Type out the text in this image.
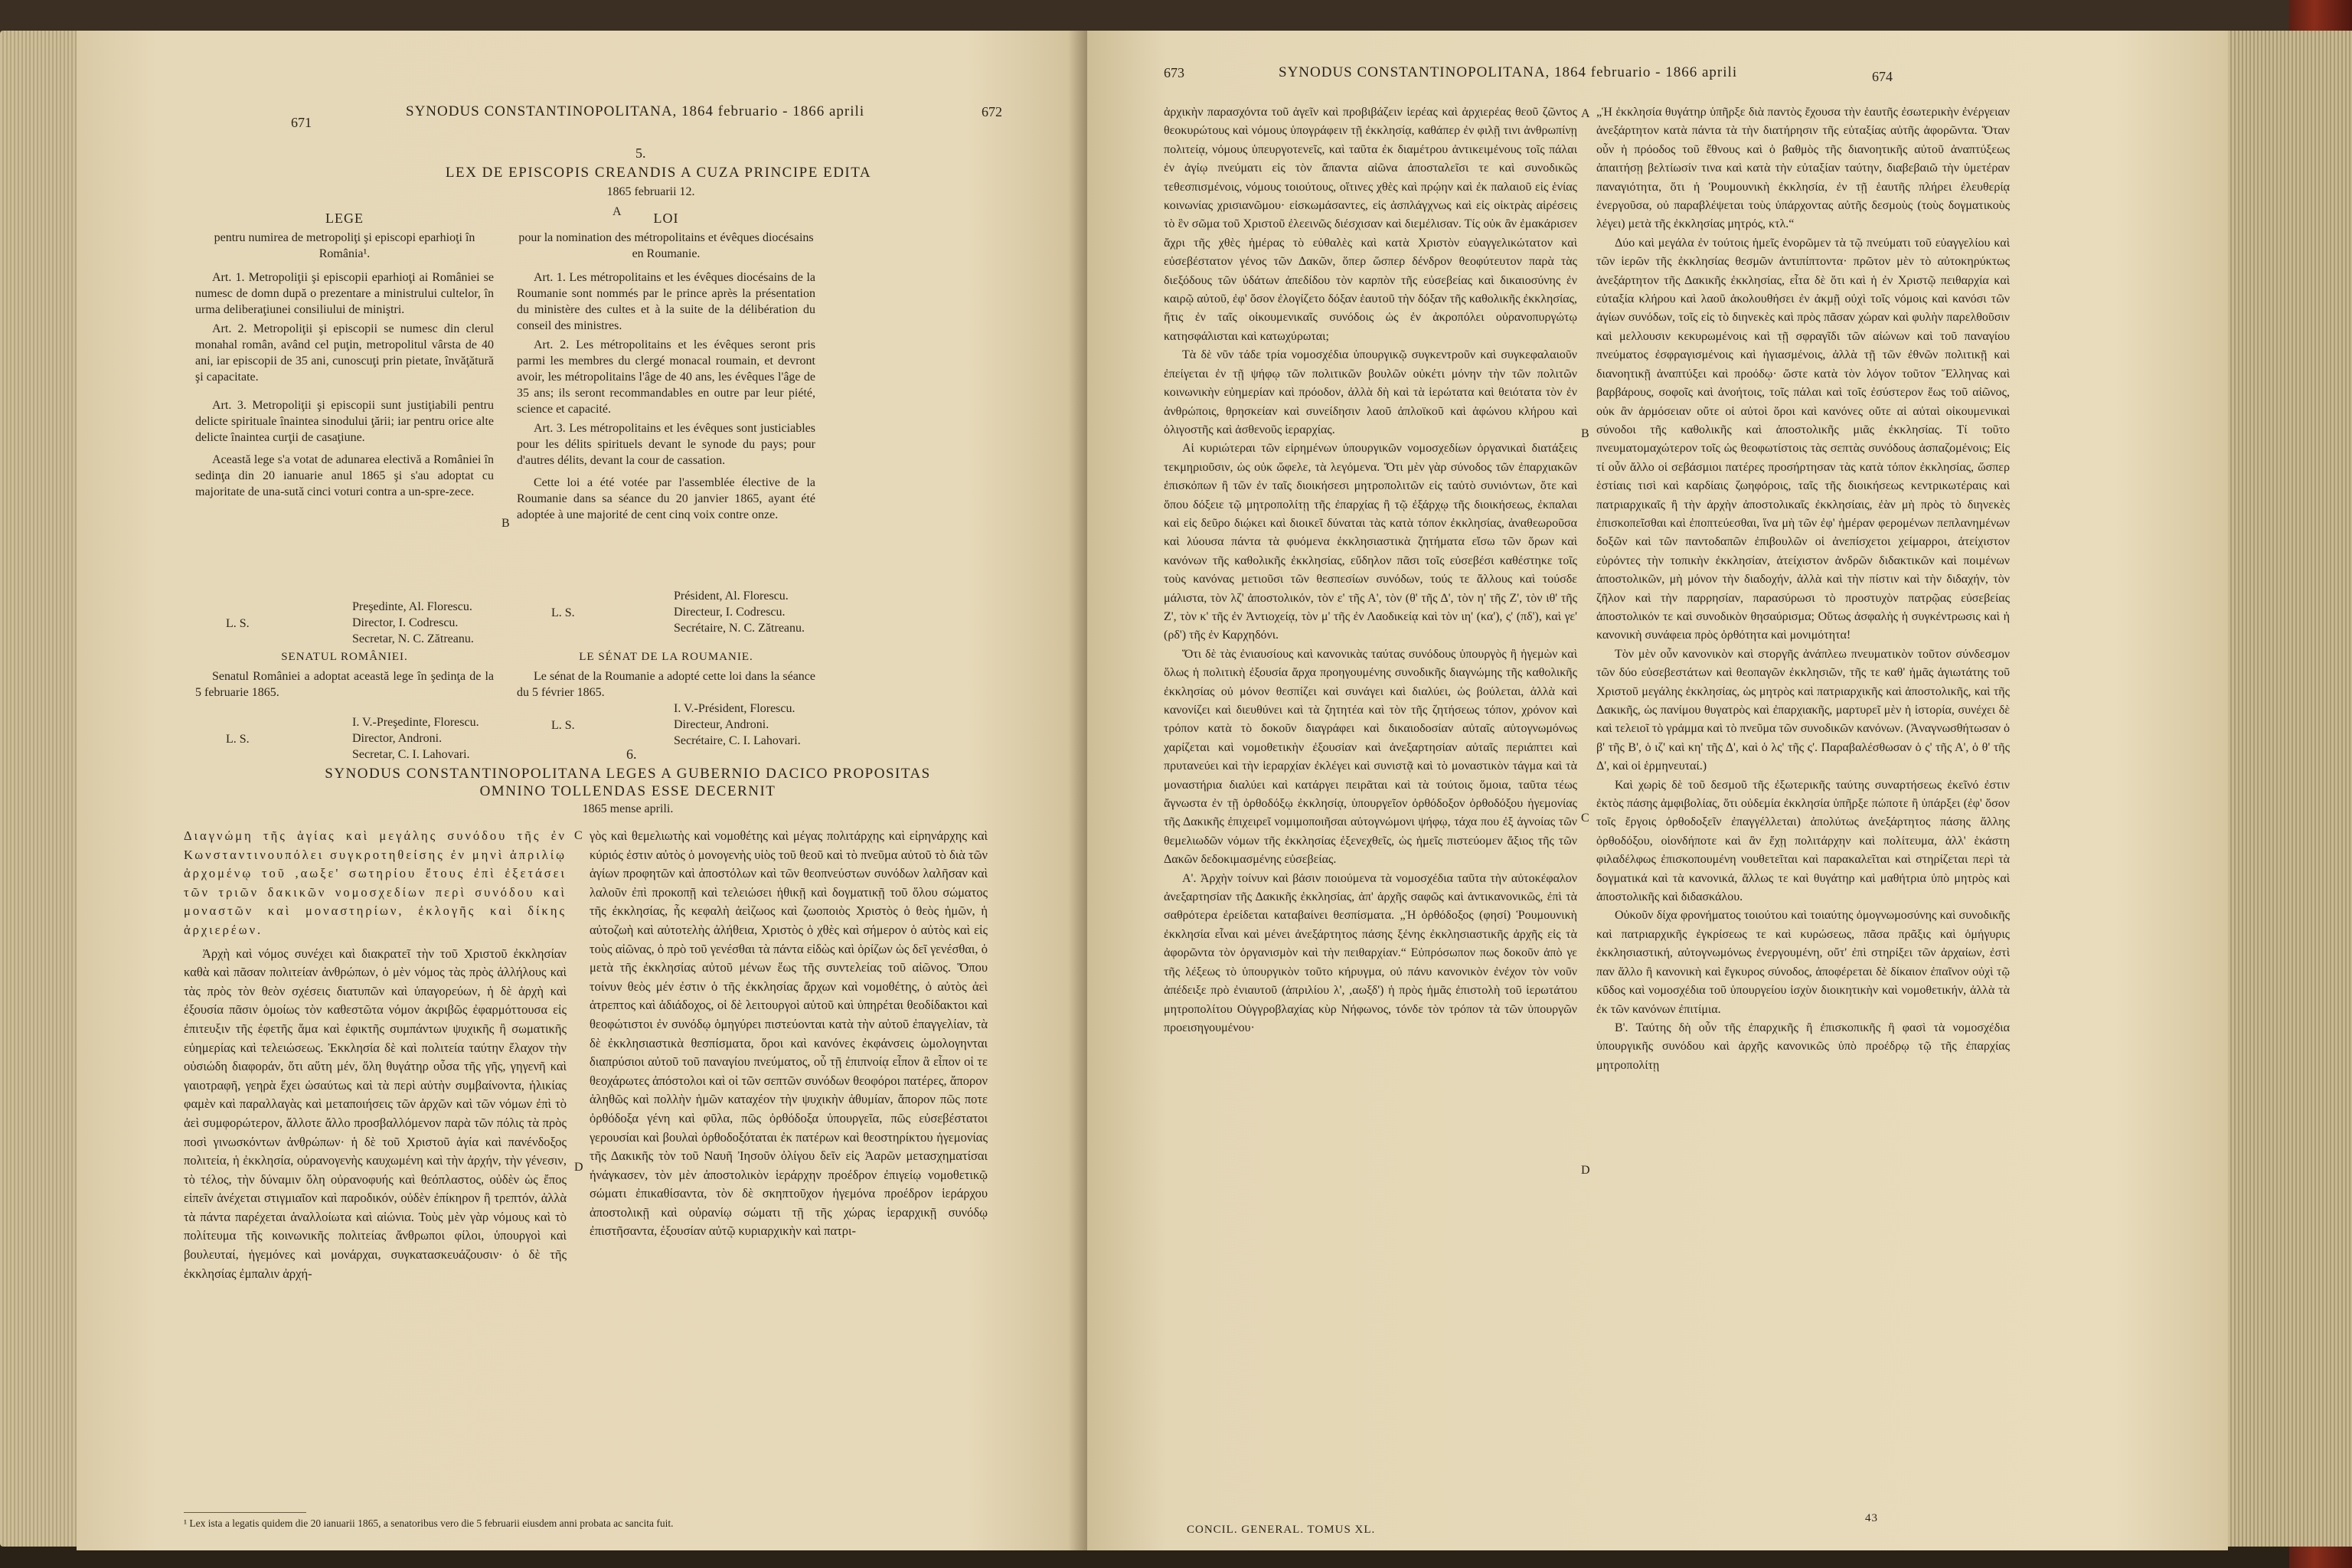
671
SYNODUS CONSTANTINOPOLITANA, 1864 februario - 1866 aprili	672
5.
LEX DE EPISCOPIS CREANDIS A CUZA PRINCIPE EDITA
1865 februarii 12.
A

LEGE

pentru numirea de metropoliţi şi episcopi eparhioţi în România¹.

Art. 1. Metropoliţii şi episcopii eparhioţi ai României se numesc de domn după o prezentare a ministrului cultelor, în urma deliberaţiunei consiliului de miniştri.

Art. 2. Metropoliţii şi episcopii se numesc din clerul monahal român, având cel puţin, metropolitul vârsta de 40 ani, iar episcopii de 35 ani, cunoscuţi prin pietate, învăţătură şi capacitate.

Art. 3. Metropoliţii şi episcopii sunt justiţiabili pentru delicte spirituale înaintea sinodului ţării; iar pentru orice alte delicte înaintea curţii de casaţiune.

Această lege s'a votat de adunarea electivă a României în sedinţa din 20 ianuarie anul 1865 şi s'au adoptat cu majoritate de una-sută cinci voturi contra a un-spre-zece.

Preşedinte, Al. Florescu.
Director, I. Codrescu.
Secretar, N. C. Zătreanu.
L. S.

SENATUL ROMÂNIEI.

Senatul României a adoptat această lege în şedinţa de la 5 februarie 1865.

I. V.-Preşedinte, Florescu.
Director, Androni.
Secretar, C. I. Lahovari.
L. S.

LOI

pour la nomination des métropolitains et évêques diocésains en Roumanie.

Art. 1. Les métropolitains et les évêques diocésains de la Roumanie sont nommés par le prince après la présentation du ministère des cultes et à la suite de la délibération du conseil des ministres.

Art. 2. Les métropolitains et les évêques seront pris parmi les membres du clergé monacal roumain, et devront avoir, les métropolitains l'âge de 40 ans, les évêques l'âge de 35 ans; ils seront recommandables en outre par leur piété, science et capacité.

Art. 3. Les métropolitains et les évêques sont justiciables pour les délits spirituels devant le synode du pays; pour d'autres délits, devant la cour de cassation.

Cette loi a été votée par l'assemblée élective de la Roumanie dans sa séance du 20 janvier 1865, ayant été adoptée à une majorité de cent cinq voix contre onze.

B
Président, Al. Florescu.
Directeur, I. Codrescu.
Secrétaire, N. C. Zătreanu.
L. S.

LE SÉNAT DE LA ROUMANIE.

Le sénat de la Roumanie a adopté cette loi dans la séance du 5 février 1865.

I. V.-Président, Florescu.
Directeur, Androni.
Secrétaire, C. I. Lahovari.
L. S.
6.
SYNODUS CONSTANTINOPOLITANA LEGES A GUBERNIO DACICO PROPOSITAS
OMNINO TOLLENDAS ESSE DECERNIT
1865 mense aprili.

Διαγνώμη τῆς ἁγίας καὶ μεγάλης συνόδου τῆς ἐν Κωνσταντινουπόλει συγκροτηθείσης ἐν μηνὶ ἀπριλίῳ ἀρχομένῳ τοῦ ,αωξε' σωτηρίου ἔτους ἐπὶ ἐξετάσει τῶν τριῶν δακικῶν νομοσχεδίων περὶ συνόδου καὶ μοναστῶν καὶ μοναστηρίων, ἐκλογῆς καὶ δίκης ἀρχιερέων.

Ἀρχὴ καὶ νόμος συνέχει καὶ διακρατεῖ τὴν τοῦ Χριστοῦ ἐκκλησίαν καθὰ καὶ πᾶσαν πολιτείαν ἀνθρώπων, ὁ μὲν νόμος τὰς πρὸς ἀλλήλους καὶ τὰς πρὸς τὸν θεὸν σχέσεις διατυπῶν καὶ ὑπαγορεύων, ἡ δὲ ἀρχὴ καὶ ἐξουσία πᾶσιν ὁμοίως τὸν καθεστῶτα νόμον ἀκριβῶς ἐφαρμόττουσα εἰς ἐπιτευξιν τῆς ἐφετῆς ἅμα καὶ ἐφικτῆς συμπάντων ψυχικῆς ἢ σωματικῆς εὐημερίας καὶ τελειώσεως. Ἐκκλησία δὲ καὶ πολιτεία ταύτην ἔλαχον τὴν οὐσιώδη διαφοράν, ὅτι αὕτη μέν, ὅλη θυγάτηρ οὖσα τῆς γῆς, γηγενῆ καὶ γαιοτραφῆ, γεηρὰ ἔχει ὡσαύτως καὶ τὰ περὶ αὐτὴν συμβαίνοντα, ἡλικίας φαμὲν καὶ παραλλαγὰς καὶ μεταποιήσεις τῶν ἀρχῶν καὶ τῶν νόμων ἐπὶ τὸ ἀεὶ συμφορώτερον, ἄλλοτε ἄλλο προσβαλλόμενον παρὰ τῶν πόλις τὰ πρὸς ποσὶ γινωσκόντων ἀνθρώπων· ἡ δὲ τοῦ Χριστοῦ ἁγία καὶ πανένδοξος πολιτεία, ἡ ἐκκλησία, οὐρανογενὴς καυχωμένη καὶ τὴν ἀρχήν, τὴν γένεσιν, τὸ τέλος, τὴν δύναμιν ὅλη οὐρανοφυής καὶ θεόπλαστος, οὐδὲν ὡς ἔπος εἰπεῖν ἀνέχεται στιγμιαῖον καὶ παροδικόν, οὐδὲν ἐπίκηρον ἢ τρεπτόν, ἀλλὰ τὰ πάντα παρέχεται ἀναλλοίωτα καὶ αἰώνια. Τοὺς μὲν γὰρ νόμους καὶ τὸ πολίτευμα τῆς κοινωνικῆς πολιτείας ἄνθρωποι φίλοι, ὑπουργοὶ καὶ βουλευταί, ἡγεμόνες καὶ μονάρχαι, συγκατασκευάζουσιν· ὁ δὲ τῆς ἐκκλησίας ἐμπαλιν ἀρχή-

C
D

γὸς καὶ θεμελιωτὴς καὶ νομοθέτης καὶ μέγας πολιτάρχης καὶ εἰρηνάρχης καὶ κύριός ἐστιν αὐτὸς ὁ μονογενὴς υἱὸς τοῦ θεοῦ καὶ τὸ πνεῦμα αὐτοῦ τὸ διὰ τῶν ἁγίων προφητῶν καὶ ἀποστόλων καὶ τῶν θεοπνεύστων συνόδων λαλῆσαν καὶ λαλοῦν ἐπὶ προκοπῇ καὶ τελειώσει ἡθικῇ καὶ δογματικῇ τοῦ ὅλου σώματος τῆς ἐκκλησίας, ἧς κεφαλὴ ἀεὶζωος καὶ ζωοποιὸς Χριστὸς ὁ θεὸς ἡμῶν, ἡ αὐτοζωὴ καὶ αὐτοτελὴς ἀλήθεια, Χριστὸς ὁ χθὲς καὶ σήμερον ὁ αὐτὸς καὶ εἰς τοὺς αἰῶνας, ὁ πρὸ τοῦ γενέσθαι τὰ πάντα εἰδὼς καὶ ὁρίζων ὡς δεῖ γενέσθαι, ὁ μετὰ τῆς ἐκκλησίας αὐτοῦ μένων ἕως τῆς συντελείας τοῦ αἰῶνος. Ὅπου τοίνυν θεὸς μέν ἐστιν ὁ τῆς ἐκκλησίας ἄρχων καὶ νομοθέτης, ὁ αὐτὸς ἀεὶ ἀτρεπτος καὶ ἀδιάδοχος, οἱ δὲ λειτουργοὶ αὐτοῦ καὶ ὑπηρέται θεοδίδακτοι καὶ θεοφώτιστοι ἐν συνόδῳ ὁμηγύρει πιστεύονται κατὰ τὴν αὐτοῦ ἐπαγγελίαν, τὰ δὲ ἐκκλησιαστικὰ θεσπίσματα, ὅροι καὶ κανόνες ἐκφάνσεις ὡμολογηνται διαπρύσιοι αὐτοῦ τοῦ παναγίου πνεύματος, οὗ τῇ ἐπιπνοίᾳ εἶπον ἃ εἶπον οἱ τε θεοχάρωτες ἀπόστολοι καὶ οἱ τῶν σεπτῶν συνόδων θεοφόροι πατέρες, ἄπορον ἀληθῶς καὶ πολλὴν ἡμῶν καταχέον τὴν ψυχικὴν ἀθυμίαν, ἄπορον πῶς ποτε ὀρθόδοξα γένη καὶ φῦλα, πῶς ὀρθόδοξα ὑπουργεῖα, πῶς εὐσεβέστατοι γερουσίαι καὶ βουλαὶ ὀρθοδοξόταται ἐκ πατέρων καὶ θεοστηρίκτου ἡγεμονίας τῆς Δακικῆς τὸν τοῦ Ναυῆ Ἰησοῦν ὀλίγου δεῖν εἰς Ἀαρῶν μετασχηματίσαι ἠνάγκασεν, τὸν μὲν ἀποστολικὸν ἱεράρχην προέδρον ἐπιγείῳ νομοθετικῷ σώματι ἐπικαθίσαντα, τὸν δὲ σκηπτοῦχον ἡγεμόνα προέδρον ἱεράρχου ἀποστολικῇ καὶ οὐρανίῳ σώματι τῇ τῆς χώρας ἱεραρχικῇ συνόδῳ ἐπιστῆσαντα, ἐξουσίαν αὐτῷ κυριαρχικὴν καὶ πατρι-

¹ Lex ista a legatis quidem die 20 ianuarii 1865, a senatoribus vero die 5 februarii eiusdem anni probata ac sancita fuit.
673	SYNODUS CONSTANTINOPOLITANA, 1864 februario - 1866 aprili	674

ἀρχικὴν παρασχόντα τοῦ ἀγεῖν καὶ προβιβάζειν ἱερέας καὶ ἀρχιερέας θεοῦ ζῶντος θεοκυρώτους καὶ νόμους ὑπογράφειν τῇ ἐκκλησίᾳ, καθάπερ ἐν φιλῇ τινι ἀνθρωπίνῃ πολιτείᾳ, νόμους ὑπευργοτενεῖς, καὶ ταῦτα ἐκ διαμέτρου ἀντικειμένους τοῖς πάλαι ἐν ἁγίῳ πνεύματι εἰς τὸν ἅπαντα αἰῶνα ἀποσταλεῖσι τε καὶ συνοδικῶς τεθεσπισμένοις, νόμους τοιούτους, οἵτινες χθὲς καὶ πρῴην καὶ ἐκ παλαιοῦ εἰς ἑνίας κοινωνίας χρισιανῶμου· εἰσκωμάσαντες, εἰς ἀσπλάγχνως καὶ εἰς οἰκτρὰς αἱρέσεις τὸ ἓν σῶμα τοῦ Χριστοῦ ἐλεεινῶς διέσχισαν καὶ διεμέλισαν. Τίς οὐκ ἂν ἐμακάρισεν ἄχρι τῆς χθὲς ἡμέρας τὸ εὐθαλὲς καὶ κατὰ Χριστὸν εὐαγγελικώτατον καὶ εὐσεβέστατον γένος τῶν Δακῶν, ὅπερ ὥσπερ δένδρον θεοφύτευτον παρὰ τὰς διεξόδους τῶν ὑδάτων ἀπεδίδου τὸν καρπὸν τῆς εὐσεβείας καὶ δικαιοσύνης ἐν καιρῷ αὐτοῦ, ἐφ' ὅσον ἐλογίζετο δόξαν ἑαυτοῦ τὴν δόξαν τῆς καθολικῆς ἐκκλησίας, ἥτις ἐν ταῖς οἰκουμενικαῖς συνόδοις ὡς ἐν ἀκροπόλει οὐρανοπυργώτῳ κατησφάλισται καὶ κατωχύρωται;

Τὰ δὲ νῦν τάδε τρία νομοσχέδια ὑπουργικῷ συγκεντροῦν καὶ συγκεφαλαιοῦν ἐπείγεται ἐν τῇ ψήφῳ τῶν πολιτικῶν βουλῶν οὐκέτι μόνην τὴν τῶν πολιτῶν κοινωνικὴν εὐημερίαν καὶ πρόοδον, ἀλλὰ δὴ καὶ τὰ ἱερώτατα καὶ θειότατα τὸν ἐν ἀνθρώποις, θρησκείαν καὶ συνείδησιν λαοῦ ἀπλοϊκοῦ καὶ ἀφώνου κλήρου καὶ ὀλιγοστῆς καὶ ἀσθενοῦς ἱεραρχίας.

Αἱ κυριώτεραι τῶν εἰρημένων ὑπουργικῶν νομοσχεδίων ὀργανικαὶ διατάξεις τεκμηριοῦσιν, ὡς οὐκ ὤφελε, τὰ λεγόμενα. Ὅτι μὲν γὰρ σύνοδος τῶν ἐπαρχιακῶν ἐπισκόπων ἢ τῶν ἐν ταῖς διοικήσεσι μητροπολιτῶν εἰς ταὐτὸ συνιόντων, ὅτε καὶ ὅπου δόξειε τῷ μητροπολίτῃ τῆς ἐπαρχίας ἢ τῷ ἐξάρχῳ τῆς διοικήσεως, ἐκπαλαι καὶ εἰς δεῦρο διῴκει καὶ διοικεῖ δύναται τὰς κατὰ τόπον ἐκκλησίας, ἀναθεωροῦσα καὶ λύουσα πάντα τὰ φυόμενα ἐκκλησιαστικὰ ζητήματα εἴσω τῶν ὅρων καὶ κανόνων τῆς καθολικῆς ἐκκλησίας, εὔδηλον πᾶσι τοῖς εὐσεβέσι καθέστηκε τοῖς τοὺς κανόνας μετιοῦσι τῶν θεσπεσίων συνόδων, τούς τε ἄλλους καὶ τούσδε μάλιστα, τὸν λζ' ἀποστολικόν, τὸν ε' τῆς Α', τὸν (θ' τῆς Δ', τὸν η' τῆς Ζ', τὸν ιθ' τῆς Ζ', τὸν κ' τῆς ἐν Ἀντιοχείᾳ, τὸν μ' τῆς ἐν Λαοδικείᾳ καὶ τὸν ιη' (κα'), ς' (πδ'), καὶ γε' (ρδ') τῆς ἐν Καρχηδόνι.

Ὅτι δὲ τὰς ἐνιαυσίους καὶ κανονικὰς ταύτας συνόδους ὑπουργὸς ἢ ἡγεμὼν καὶ ὅλως ἡ πολιτικὴ ἐξουσία ἄρχα προηγουμένης συνοδικῆς διαγνώμης τῆς καθολικῆς ἐκκλησίας οὐ μόνον θεσπίζει καὶ συνάγει καὶ διαλύει, ὡς βούλεται, ἀλλὰ καὶ κανονίζει καὶ διευθύνει καὶ τὰ ζητητέα καὶ τὸν τῆς ζητήσεως τόπον, χρόνον καὶ τρόπον κατὰ τὸ δοκοῦν διαγράφει καὶ δικαιοδοσίαν αὐταῖς αὐτογνωμόνως χαρίζεται καὶ νομοθετικὴν ἐξουσίαν καὶ ἀνεξαρτησίαν αὐταῖς περιάπτει καὶ πρυτανεύει καὶ τὴν ἱεραρχίαν ἐκλέγει καὶ συνιστᾷ καὶ τὸ μοναστικὸν τάγμα καὶ τὰ μοναστήρια διαλύει καὶ κατάργει πειρᾶται καὶ τὰ τούτοις ὅμοια, ταῦτα τέως ἄγνωστα ἐν τῇ ὀρθοδόξῳ ἐκκλησίᾳ, ὑπουργεῖον ὀρθόδοξον ὀρθοδόξου ἡγεμονίας τῆς Δακικῆς ἐπιχειρεῖ νομιμοποιῆσαι αὐτογνώμονι ψήφῳ, τάχα που ἐξ ἀγνοίας τῶν θεμελιωδῶν νόμων τῆς ἐκκλησίας ἐξενεχθεῖς, ὡς ἡμεῖς πιστεύομεν ἄξιος τῆς τῶν Δακῶν δεδοκιμασμένης εὐσεβείας.

Α'. Ἀρχὴν τοίνυν καὶ βάσιν ποιούμενα τὰ νομοσχέδια ταῦτα τὴν αὐτοκέφαλον ἀνεξαρτησίαν τῆς Δακικῆς ἐκκλησίας, ἀπ' ἀρχῆς σαφῶς καὶ ἀντικανονικῶς, ἐπὶ τὰ σαθρότερα ἐρείδεται καταβαίνει θεσπίσματα. „Ἡ ὀρθόδοξος (φησί) Ῥουμουνικὴ ἐκκλησία εἶναι καὶ μένει ἀνεξάρτητος πάσης ξένης ἐκκλησιαστικῆς ἀρχῆς εἰς τὰ ἀφορῶντα τὸν ὀργανισμὸν καὶ τὴν πειθαρχίαν.“ Εὐπρόσωπον πως δοκοῦν ἀπὸ γε τῆς λέξεως τὸ ὑπουργικὸν τοῦτο κήρυγμα, οὐ πάνυ κανονικὸν ἐνέχον τὸν νοῦν ἀπέδειξε πρὸ ἐνιαυτοῦ (ἀπριλίου λ', ,αωξδ') ἡ πρὸς ἡμᾶς ἐπιστολὴ τοῦ ἱερωτάτου μητροπολίτου Οὐγγροβλαχίας κὺρ Νήφωνος, τόνδε τὸν τρόπον τὰ τῶν ὑπουργῶν προεισηγουμένου·

A
B
C
D

„Ἡ ἐκκλησία θυγάτηρ ὑπῆρξε διὰ παντὸς ἔχουσα τὴν ἑαυτῆς ἐσωτερικὴν ἐνέργειαν ἀνεξάρτητον κατὰ πάντα τὰ τὴν διατήρησιν τῆς εὐταξίας αὐτῆς ἀφορῶντα. Ὅταν οὖν ἡ πρόοδος τοῦ ἔθνους καὶ ὁ βαθμὸς τῆς διανοητικῆς αὐτοῦ ἀναπτύξεως ἀπαιτήσῃ βελτίωσίν τινα καὶ κατὰ τὴν εὐταξίαν ταύτην, διαβεβαιῶ τὴν ὑμετέραν παναγιότητα, ὅτι ἡ Ῥουμουνικὴ ἐκκλησία, ἐν τῇ ἑαυτῆς πλήρει ἐλευθερίᾳ ἐνεργοῦσα, οὐ παραβλέψεται τοὺς ὑπάρχοντας αὐτῆς δεσμοὺς (τοὺς δογματικοὺς λέγει) μετὰ τῆς ἐκκλησίας μητρός, κτλ.“

Δύο καὶ μεγάλα ἐν τούτοις ἡμεῖς ἐνορῶμεν τὰ τῷ πνεύματι τοῦ εὐαγγελίου καὶ τῶν ἱερῶν τῆς ἐκκλησίας θεσμῶν ἀντιπίπτοντα· πρῶτον μὲν τὸ αὐτοκηρύκτως ἀνεξάρτητον τῆς Δακικῆς ἐκκλησίας, εἶτα δὲ ὅτι καὶ ἡ ἐν Χριστῷ πειθαρχία καὶ εὐταξία κλήρου καὶ λαοῦ ἀκολουθήσει ἐν ἀκμῇ οὐχὶ τοῖς νόμοις καὶ κανόσι τῶν ἁγίων συνόδων, τοῖς εἰς τὸ διηνεκὲς καὶ πρὸς πᾶσαν χώραν καὶ φυλὴν παρελθοῦσιν καὶ μελλουσιν κεκυρωμένοις καὶ τῇ σφραγῖδι τῶν αἰώνων καὶ τοῦ παναγίου πνεύματος ἐσφραγισμένοις καὶ ἡγιασμένοις, ἀλλὰ τῇ τῶν ἐθνῶν πολιτικῇ καὶ διανοητικῇ ἀναπτύξει καὶ προόδῳ· ὥστε κατὰ τὸν λόγον τοῦτον Ἕλληνας καὶ βαρβάρους, σοφοῖς καὶ ἀνοήτοις, τοῖς πάλαι καὶ τοῖς ἐσύστερον ἕως τοῦ αἰῶνος, οὐκ ἂν ἀρμόσειαν οὔτε οἱ αὐτοὶ ὅροι καὶ κανόνες οὔτε αἱ αὐταὶ οἰκουμενικαὶ σύνοδοι τῆς καθολικῆς καὶ ἀποστολικῆς μιᾶς ἐκκλησίας. Τί τοῦτο πνευματομαχώτερον τοῖς ὡς θεοφωτίστοις τὰς σεπτὰς συνόδους ἀσπαζομένοις; Εἰς τί οὖν ἄλλο οἱ σεβάσμιοι πατέρες προσήρτησαν τὰς κατὰ τόπον ἐκκλησίας, ὥσπερ ἑστίαις τισὶ καὶ καρδίαις ζωηφόροις, ταῖς τῆς διοικήσεως κεντρικωτέραις καὶ πατριαρχικαῖς ἢ τὴν ἀρχὴν ἀποστολικαῖς ἐκκλησίαις, ἐὰν μὴ πρὸς τὸ διηνεκὲς ἐπισκοπεῖσθαι καὶ ἐποπτεύεσθαι, ἵνα μὴ τῶν ἐφ' ἡμέραν φερομένων πεπλανημένων δοξῶν καὶ τῶν παντοδαπῶν ἐπιβουλῶν οἱ ἀνεπίσχετοι χείμαρροι, ἀτείχιστον εὑρόντες τὴν τοπικὴν ἐκκλησίαν, ἀτείχιστον ἀνδρῶν διδακτικῶν καὶ ποιμένων ἀποστολικῶν, μὴ μόνον τὴν διαδοχήν, ἀλλὰ καὶ τὴν πίστιν καὶ τὴν διδαχήν, τὸν ζῆλον καὶ τὴν παρρησίαν, παρασύρωσι τὸ προστυχὸν πατρῷας εὐσεβείας ἀποστολικόν τε καὶ συνοδικὸν θησαύρισμα; Οὕτως ἀσφαλὴς ἡ συγκέντρωσις καὶ ἡ κανονικὴ συνάφεια πρὸς ὀρθότητα καὶ μονιμότητα!

Τὸν μὲν οὖν κανονικὸν καὶ στοργῆς ἀνάπλεω πνευματικὸν τοῦτον σύνδεσμον τῶν δύο εὐσεβεστάτων καὶ θεοπαγῶν ἐκκλησιῶν, τῆς τε καθ' ἡμᾶς ἁγιωτάτης τοῦ Χριστοῦ μεγάλης ἐκκλησίας, ὡς μητρὸς καὶ πατριαρχικῆς καὶ ἀποστολικῆς, καὶ τῆς Δακικῆς, ὡς πανίμου θυγατρὸς καὶ ἐπαρχιακῆς, μαρτυρεῖ μὲν ἡ ἱστορία, συνέχει δὲ καὶ τελειοῖ τὸ γράμμα καὶ τὸ πνεῦμα τῶν συνοδικῶν κανόνων. (Ἀναγνωσθήτωσαν ὁ β' τῆς Β', ὁ ιζ' καὶ κη' τῆς Δ', καὶ ὁ λς' τῆς ς'. Παραβαλέσθωσαν ὁ ς' τῆς Α', ὁ θ' τῆς Δ', καὶ οἱ ἑρμηνευταί.)

Καὶ χωρὶς δὲ τοῦ δεσμοῦ τῆς ἐξωτερικῆς ταύτης συναρτήσεως ἐκεῖνό ἐστιν ἐκτὸς πάσης ἀμφιβολίας, ὅτι οὐδεμία ἐκκλησία ὑπῆρξε πώποτε ἢ ὑπάρξει (ἐφ' ὅσον τοῖς ἔργοις ὀρθοδοξεῖν ἐπαγγέλλεται) ἀπολύτως ἀνεξάρτητος πάσης ἄλλης ὀρθοδόξου, οἱονδήποτε καὶ ἂν ἔχῃ πολιτάρχην καὶ πολίτευμα, ἀλλ' ἑκάστη φιλαδέλφως ἐπισκοπουμένη νουθετεῖται καὶ παρακαλεῖται καὶ στηρίζεται περὶ τὰ δογματικά καὶ τὰ κανονικά, ἄλλως τε καὶ θυγάτηρ καὶ μαθήτρια ὑπὸ μητρὸς καὶ ἀποστολικῆς καὶ διδασκάλου.

Οὐκοῦν δίχα φρονήματος τοιούτου καὶ τοιαύτης ὁμογνωμοσύνης καὶ συνοδικῆς καὶ πατριαρχικῆς ἐγκρίσεως τε καὶ κυρώσεως, πᾶσα πρᾶξις καὶ ὁμήγυρις ἐκκλησιαστική, αὐτογνωμόνως ἐνεργουμένη, οὔτ' ἐπὶ στηρίξει τῶν ἀρχαίων, ἐστὶ παν ἄλλο ἢ κανονικὴ καὶ ἔγκυρος σύνοδος, ἀποφέρεται δὲ δίκαιον ἐπαῖνον οὐχὶ τῷ κῦδος καὶ νομοσχέδια τοῦ ὑπουργείου ἰσχὺν διοικητικὴν καὶ νομοθετικήν, ἀλλὰ τὰ ἐκ τῶν κανόνων ἐπιτίμια.

Β'. Ταύτης δὴ οὖν τῆς ἐπαρχικῆς ἢ ἐπισκοπικῆς ἢ φασὶ τὰ νομοσχέδια ὑπουργικῆς συνόδου καὶ ἀρχῆς κανονικῶς ὑπὸ προέδρῳ τῷ τῆς ἐπαρχίας μητροπολίτῃ

CONCIL. GENERAL. TOMUS XL.
43
